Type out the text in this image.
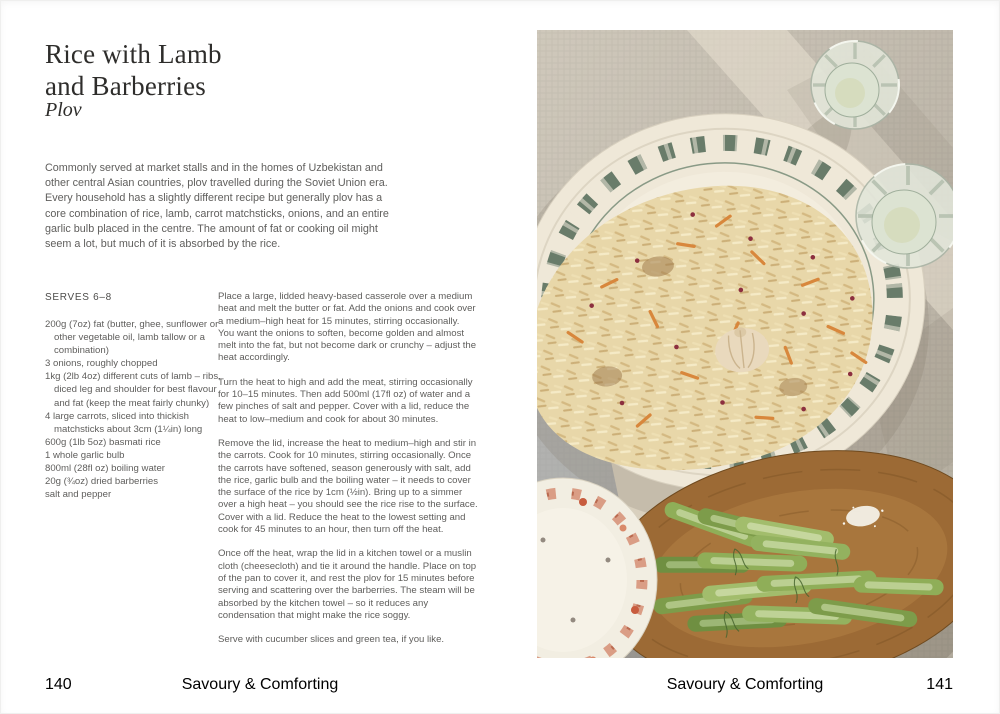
Rice with Lamb
and Barberries
Plov

Commonly served at market stalls and in the homes of Uzbekistan and other central Asian countries, plov travelled during the Soviet Union era. Every household has a slightly different recipe but generally plov has a core combination of rice, lamb, carrot matchsticks, onions, and an entire garlic bulb placed in the centre. The amount of fat or cooking oil might seem a lot, but much of it is absorbed by the rice.

SERVES 6–8
200g (7oz) fat (butter, ghee, sunflower or other vegetable oil, lamb tallow or a combination)
3 onions, roughly chopped
1kg (2lb 4oz) different cuts of lamb – ribs, diced leg and shoulder for best flavour and fat (keep the meat fairly chunky)
4 large carrots, sliced into thickish matchsticks about 3cm (1¼in) long
600g (1lb 5oz) basmati rice
1 whole garlic bulb
800ml (28fl oz) boiling water
20g (¾oz) dried barberries
salt and pepper

Place a large, lidded heavy-based casserole over a medium heat and melt the butter or fat. Add the onions and cook over a medium–high heat for 15 minutes, stirring occasionally. You want the onions to soften, become golden and almost melt into the fat, but not become dark or crunchy – adjust the heat accordingly.

Turn the heat to high and add the meat, stirring occasionally for 10–15 minutes. Then add 500ml (17fl oz) of water and a few pinches of salt and pepper. Cover with a lid, reduce the heat to low–medium and cook for about 30 minutes.

Remove the lid, increase the heat to medium–high and stir in the carrots. Cook for 10 minutes, stirring occasionally. Once the carrots have softened, season generously with salt, add the rice, garlic bulb and the boiling water – it needs to cover the surface of the rice by 1cm (½in). Bring up to a simmer over a high heat – you should see the rice rise to the surface. Cover with a lid. Reduce the heat to the lowest setting and cook for 45 minutes to an hour, then turn off the heat.

Once off the heat, wrap the lid in a kitchen towel or a muslin cloth (cheesecloth) and tie it around the handle. Place on top of the pan to cover it, and rest the plov for 15 minutes before serving and scattering over the barberries. The steam will be absorbed by the kitchen towel – so it reduces any condensation that might make the rice soggy.

Serve with cucumber slices and green tea, if you like.

140	Savoury & Comforting	Savoury & Comforting	141
